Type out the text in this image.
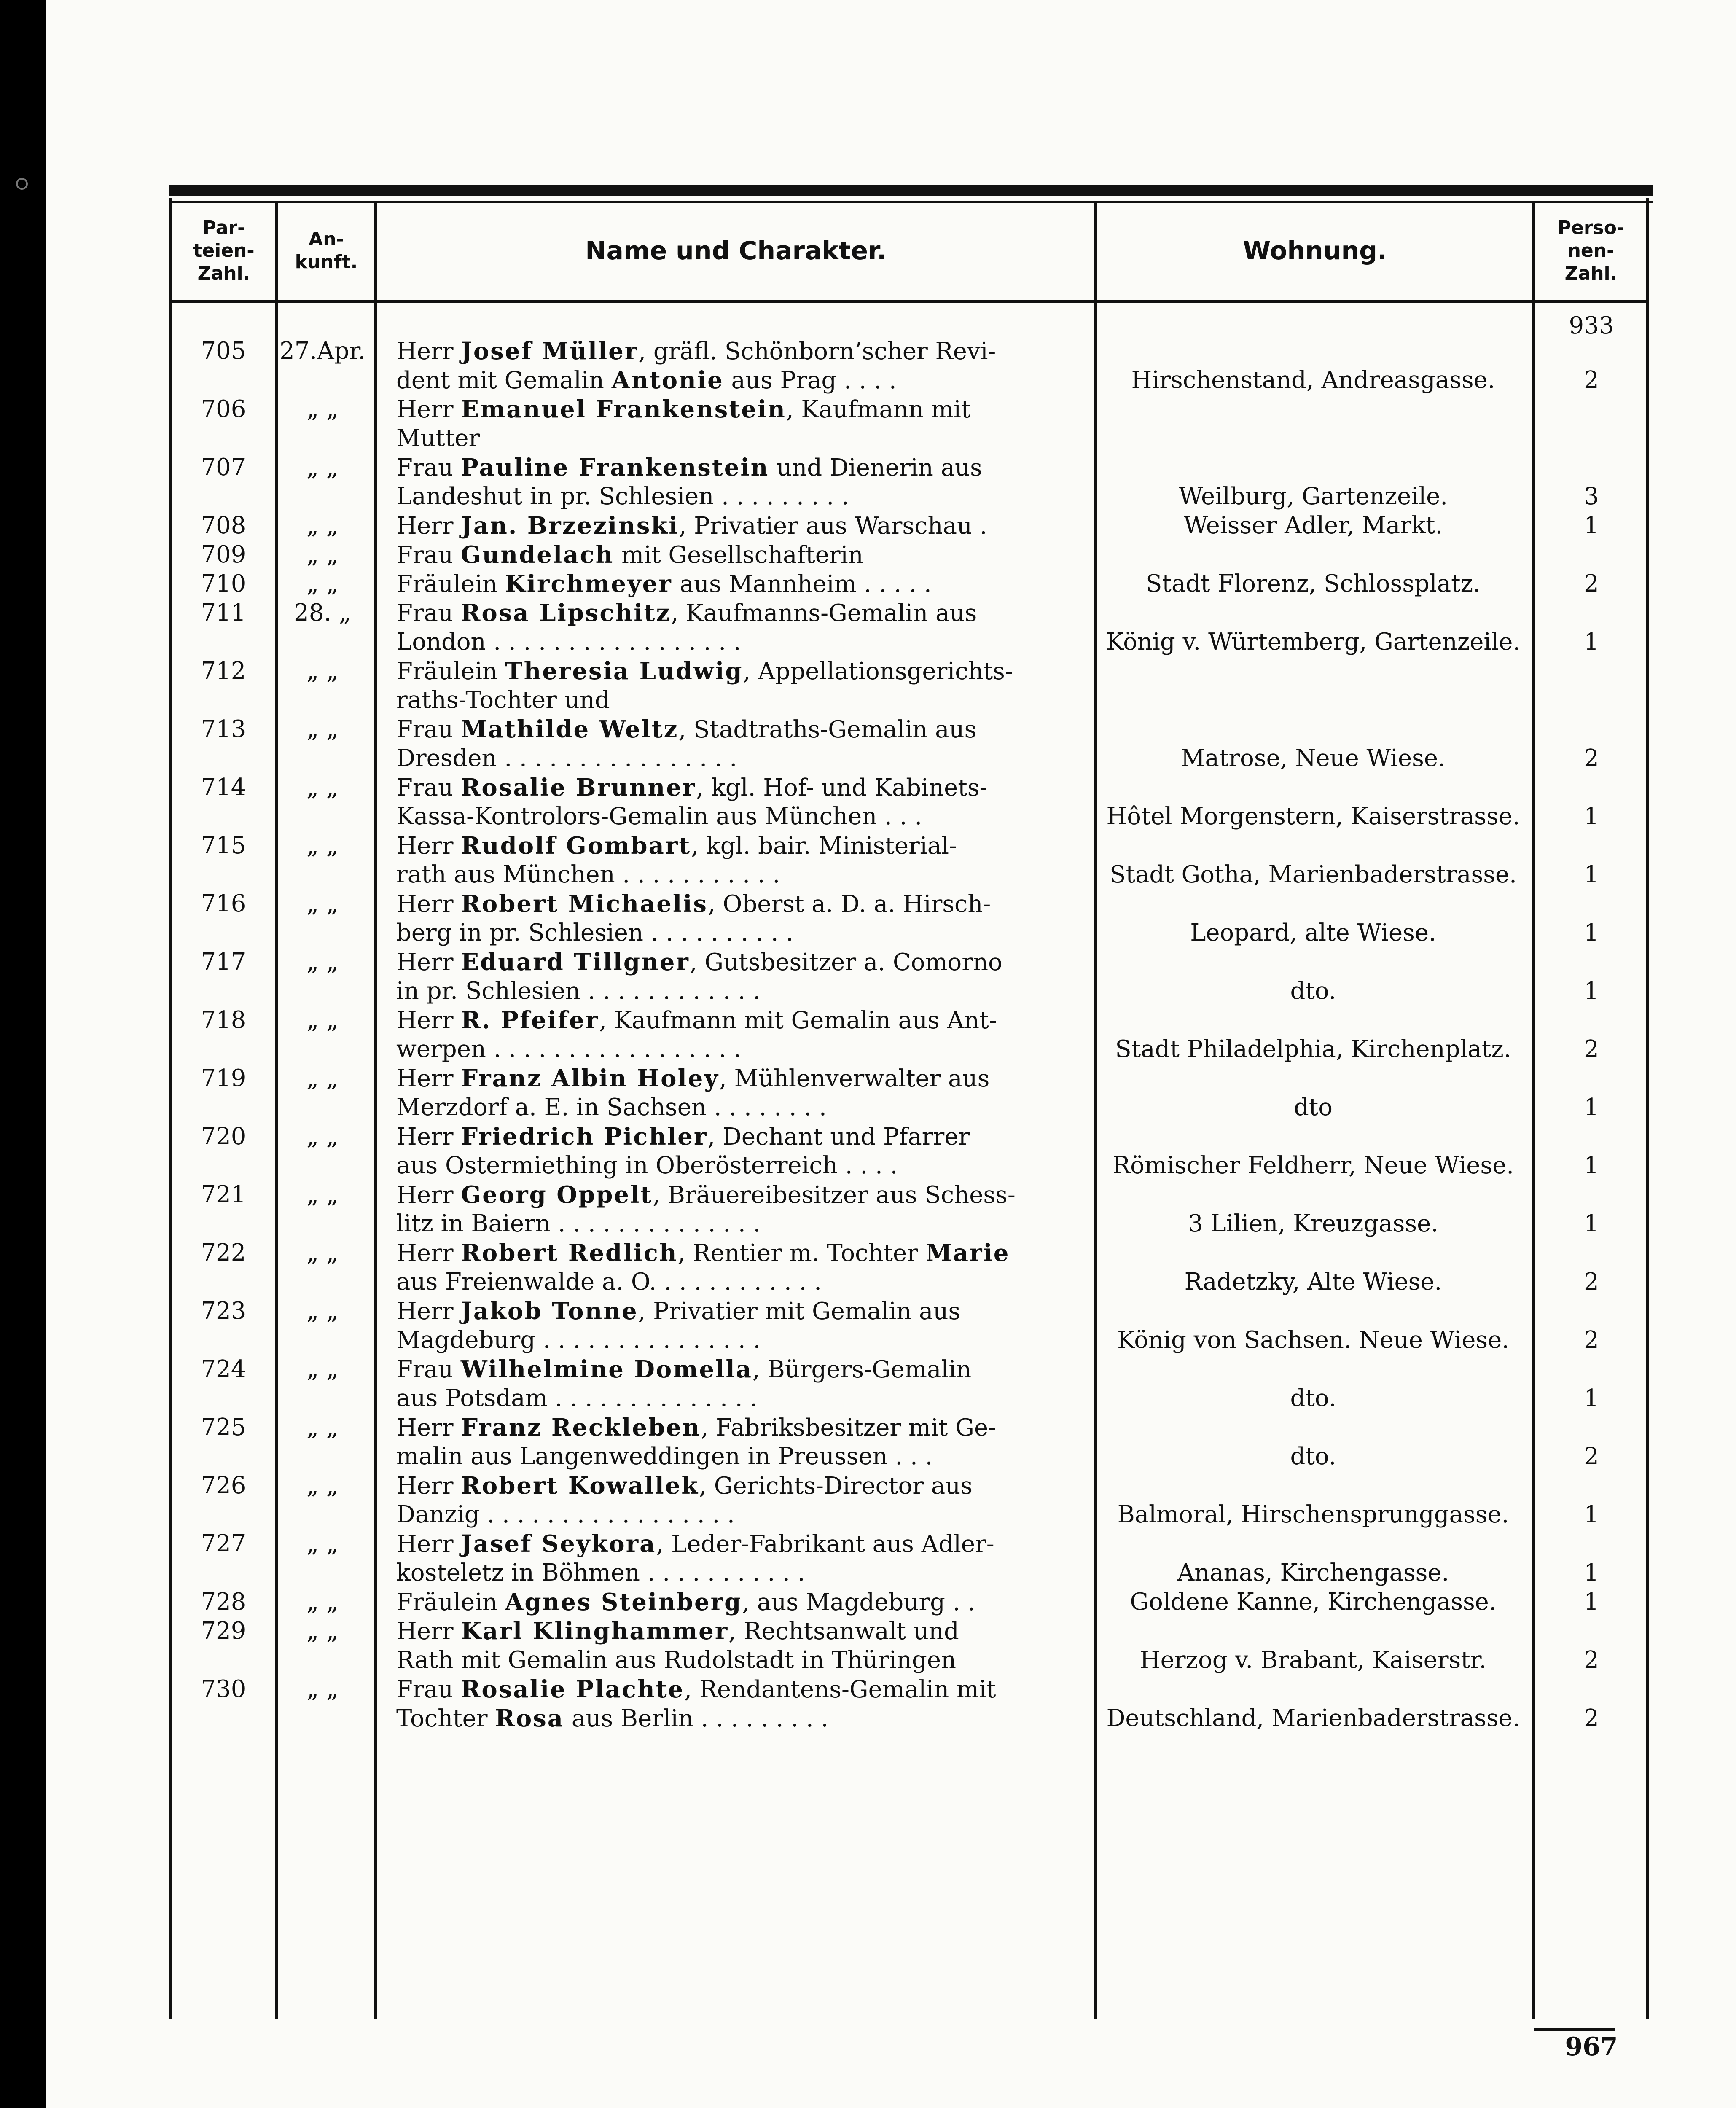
Par-
teien-
Zahl.
An-
kunft.	Name und Charakter.	Wohnung.
Perso-
nen-
Zahl.
933
967
705	27.Apr. Herr Josef Müller, gräfl. Schönborn’scher Revi-
dent mit Gemalin Antonie aus Prag . . . .	Hirschenstand, Andreasgasse.	2
706	„ „	Herr Emanuel Frankenstein, Kaufmann mit
Mutter
707	„ „	Frau Pauline Frankenstein und Dienerin aus
Landeshut in pr. Schlesien . . . . . . . . .	Weilburg, Gartenzeile.	3
708	„ „	Herr Jan. Brzezinski, Privatier aus Warschau .	Weisser Adler, Markt.	1
709	„ „	Frau Gundelach mit Gesellschafterin
710	„ „	Fräulein Kirchmeyer aus Mannheim . . . . .	Stadt Florenz, Schlossplatz.	2
711	28. „	Frau Rosa Lipschitz, Kaufmanns-Gemalin aus
London . . . . . . . . . . . . . . . . .	König v. Würtemberg, Gartenzeile.	1
712	„ „	Fräulein Theresia Ludwig, Appellationsgerichts-
raths-Tochter und
713	„ „	Frau Mathilde Weltz, Stadtraths-Gemalin aus
Dresden . . . . . . . . . . . . . . . .	Matrose, Neue Wiese.	2
714	„ „	Frau Rosalie Brunner, kgl. Hof- und Kabinets-
Kassa-Kontrolors-Gemalin aus München . . .	Hôtel Morgenstern, Kaiserstrasse.	1
715	„ „	Herr Rudolf Gombart, kgl. bair. Ministerial-
rath aus München . . . . . . . . . . .	Stadt Gotha, Marienbaderstrasse.	1
716	„ „	Herr Robert Michaelis, Oberst a. D. a. Hirsch-
berg in pr. Schlesien . . . . . . . . . .	Leopard, alte Wiese.	1
717	„ „	Herr Eduard Tillgner, Gutsbesitzer a. Comorno
in pr. Schlesien . . . . . . . . . . . .	dto.	1
718	„ „	Herr R. Pfeifer, Kaufmann mit Gemalin aus Ant-
werpen . . . . . . . . . . . . . . . . .	Stadt Philadelphia, Kirchenplatz.	2
719	„ „	Herr Franz Albin Holey, Mühlenverwalter aus
Merzdorf a. E. in Sachsen . . . . . . . .	dto	1
720	„ „	Herr Friedrich Pichler, Dechant und Pfarrer
aus Ostermiething in Oberösterreich . . . .	Römischer Feldherr, Neue Wiese.	1
721	„ „	Herr Georg Oppelt, Bräuereibesitzer aus Schess-
litz in Baiern . . . . . . . . . . . . . .	3 Lilien, Kreuzgasse.	1
722	„ „	Herr Robert Redlich, Rentier m. Tochter Marie
aus Freienwalde a. O. . . . . . . . . . . .	Radetzky, Alte Wiese.	2
723	„ „	Herr Jakob Tonne, Privatier mit Gemalin aus
Magdeburg . . . . . . . . . . . . . . .	König von Sachsen. Neue Wiese.	2
724	„ „	Frau Wilhelmine Domella, Bürgers-Gemalin
aus Potsdam . . . . . . . . . . . . . .	dto.	1
725	„ „	Herr Franz Reckleben, Fabriksbesitzer mit Ge-
malin aus Langenweddingen in Preussen . . .	dto.	2
726	„ „	Herr Robert Kowallek, Gerichts-Director aus
Danzig . . . . . . . . . . . . . . . . .	Balmoral, Hirschensprunggasse.	1
727	„ „	Herr Jasef Seykora, Leder-Fabrikant aus Adler-
kosteletz in Böhmen . . . . . . . . . . .	Ananas, Kirchengasse.	1
728	„ „	Fräulein Agnes Steinberg, aus Magdeburg . .	Goldene Kanne, Kirchengasse.	1
729	„ „	Herr Karl Klinghammer, Rechtsanwalt und
Rath mit Gemalin aus Rudolstadt in Thüringen	Herzog v. Brabant, Kaiserstr.	2
730	„ „	Frau Rosalie Plachte, Rendantens-Gemalin mit
Tochter Rosa aus Berlin . . . . . . . . .	Deutschland, Marienbaderstrasse.	2
